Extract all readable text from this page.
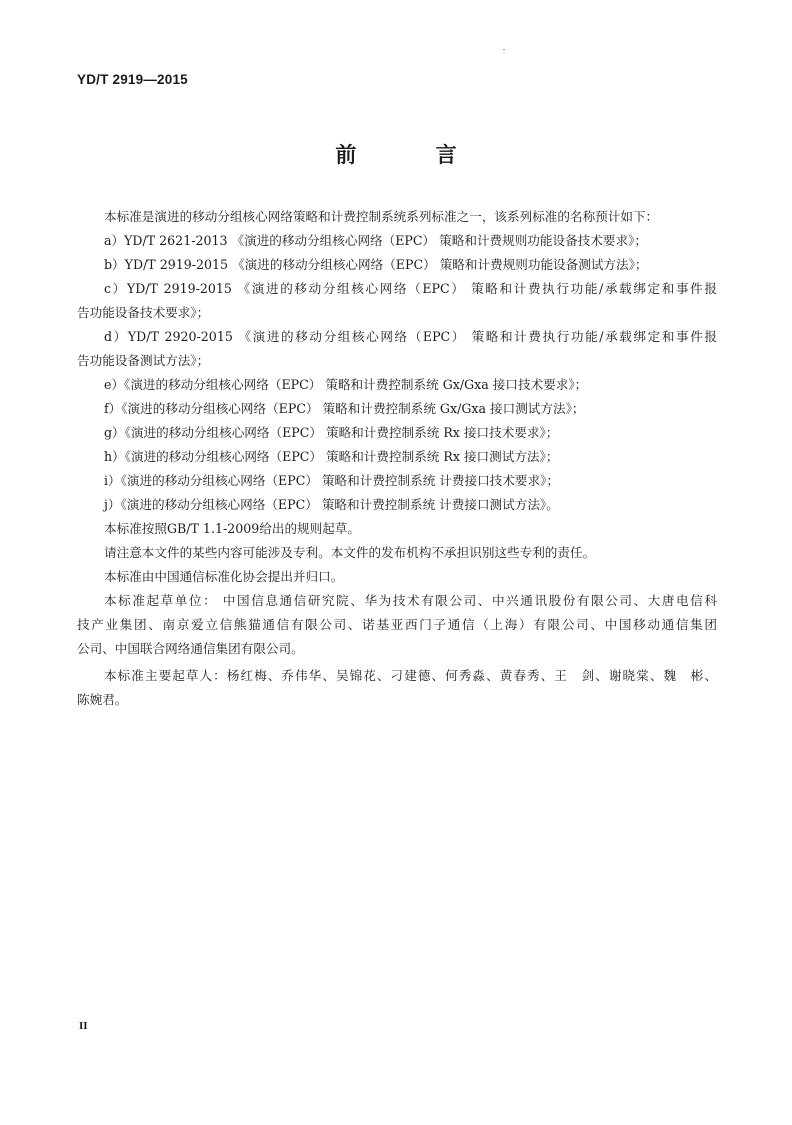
YD/T 2919—2015
前 言
本标准是演进的移动分组核心网络策略和计费控制系统系列标准之一，该系列标准的名称预计如下：
a）YD/T 2621-2013 《演进的移动分组核心网络（EPC） 策略和计费规则功能设备技术要求》；
b）YD/T 2919-2015 《演进的移动分组核心网络（EPC） 策略和计费规则功能设备测试方法》；
c）YD/T 2919-2015 《演进的移动分组核心网络（EPC） 策略和计费执行功能/承载绑定和事件报
告功能设备技术要求》；
d）YD/T 2920-2015 《演进的移动分组核心网络（EPC） 策略和计费执行功能/承载绑定和事件报
告功能设备测试方法》；
e）《演进的移动分组核心网络（EPC） 策略和计费控制系统 Gx/Gxa 接口技术要求》；
f）《演进的移动分组核心网络（EPC） 策略和计费控制系统 Gx/Gxa 接口测试方法》；
g）《演进的移动分组核心网络（EPC） 策略和计费控制系统 Rx 接口技术要求》；
h）《演进的移动分组核心网络（EPC） 策略和计费控制系统 Rx 接口测试方法》；
i）《演进的移动分组核心网络（EPC） 策略和计费控制系统 计费接口技术要求》；
j）《演进的移动分组核心网络（EPC） 策略和计费控制系统 计费接口测试方法》。
本标准按照GB/T 1.1-2009给出的规则起草。
请注意本文件的某些内容可能涉及专利。本文件的发布机构不承担识别这些专利的责任。
本标准由中国通信标准化协会提出并归口。
本标准起草单位： 中国信息通信研究院、华为技术有限公司、中兴通讯股份有限公司、大唐电信科
技产业集团、南京爱立信熊猫通信有限公司、诺基亚西门子通信（上海）有限公司、中国移动通信集团
公司、中国联合网络通信集团有限公司。
本标准主要起草人：杨红梅、乔伟华、吴锦花、刁建德、何秀淼、黄春秀、王　剑、谢晓棠、魏　彬、
陈婉君。
II
